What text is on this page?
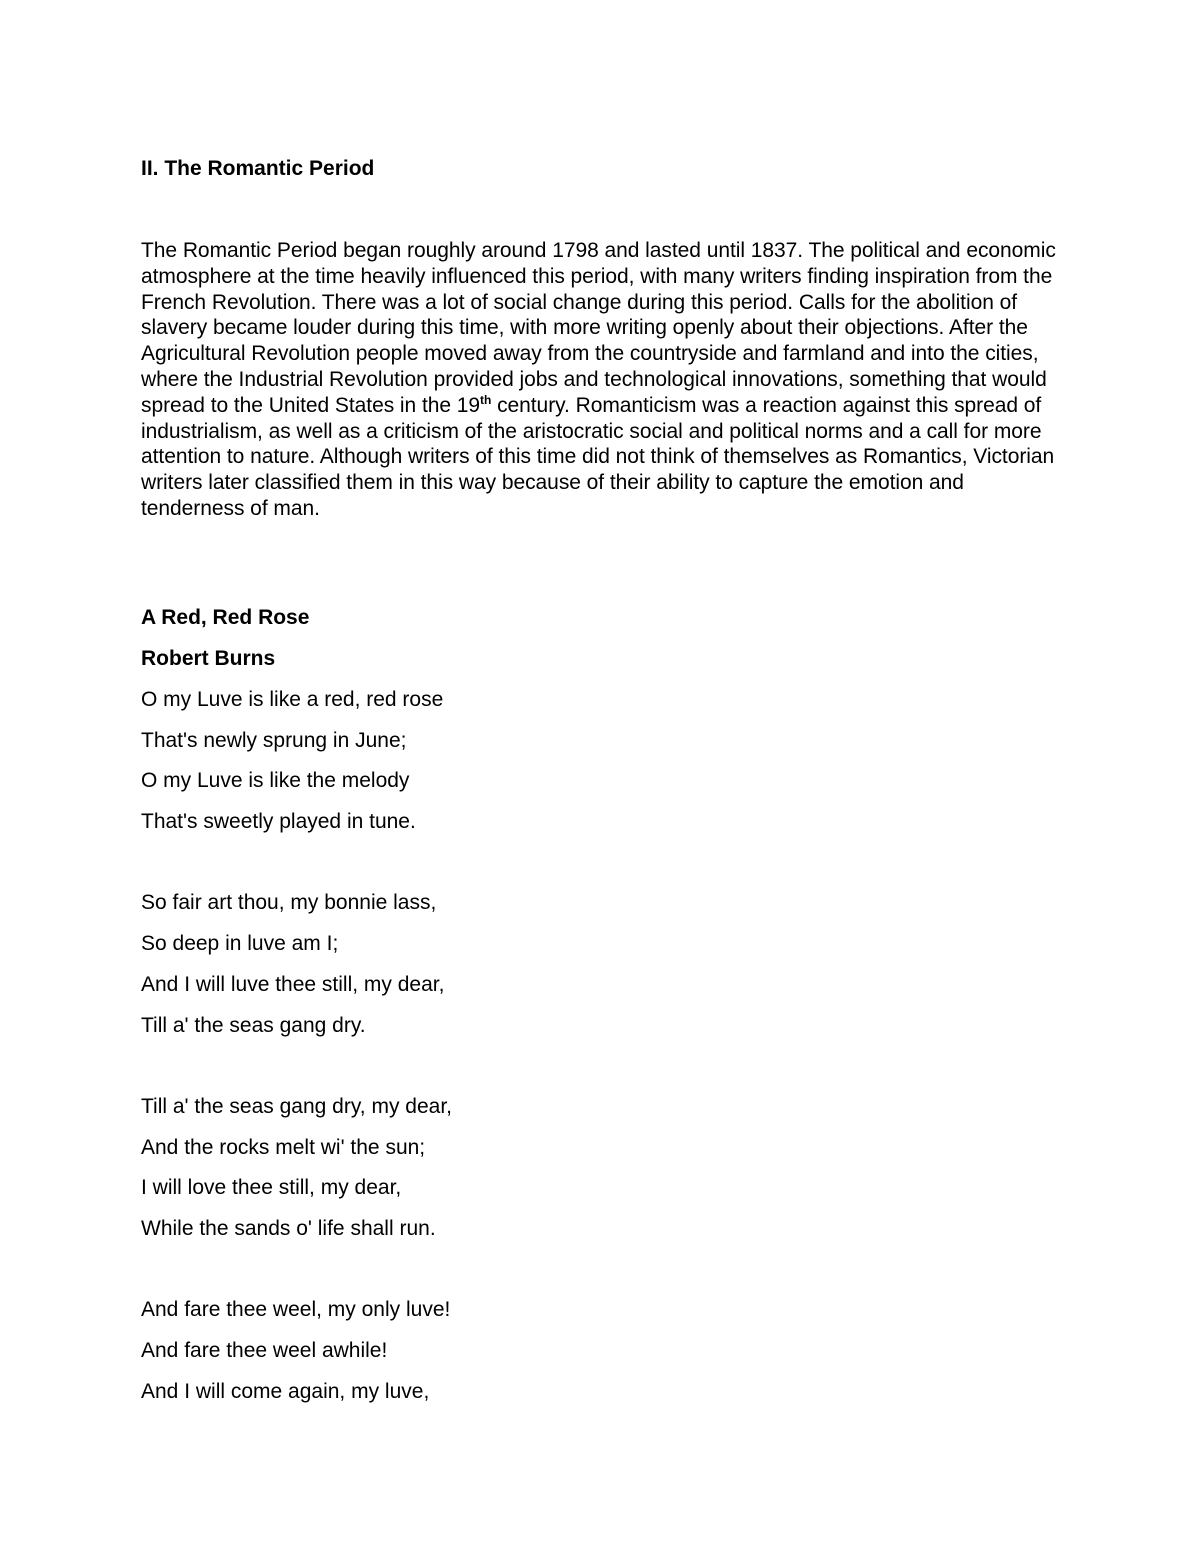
II. The Romantic Period

The Romantic Period began roughly around 1798 and lasted until 1837. The political and economic atmosphere at the time heavily influenced this period, with many writers finding inspiration from the French Revolution. There was a lot of social change during this period. Calls for the abolition of slavery became louder during this time, with more writing openly about their objections. After the Agricultural Revolution people moved away from the countryside and farmland and into the cities, where the Industrial Revolution provided jobs and technological innovations, something that would spread to the United States in the 19th century. Romanticism was a reaction against this spread of industrialism, as well as a criticism of the aristocratic social and political norms and a call for more attention to nature. Although writers of this time did not think of themselves as Romantics, Victorian writers later classified them in this way because of their ability to capture the emotion and tenderness of man.

A Red, Red Rose
Robert Burns
O my Luve is like a red, red rose
That's newly sprung in June;
O my Luve is like the melody
That's sweetly played in tune.
So fair art thou, my bonnie lass,
So deep in luve am I;
And I will luve thee still, my dear,
Till a' the seas gang dry.
Till a' the seas gang dry, my dear,
And the rocks melt wi' the sun;
I will love thee still, my dear,
While the sands o' life shall run.
And fare thee weel, my only luve!
And fare thee weel awhile!
And I will come again, my luve,
